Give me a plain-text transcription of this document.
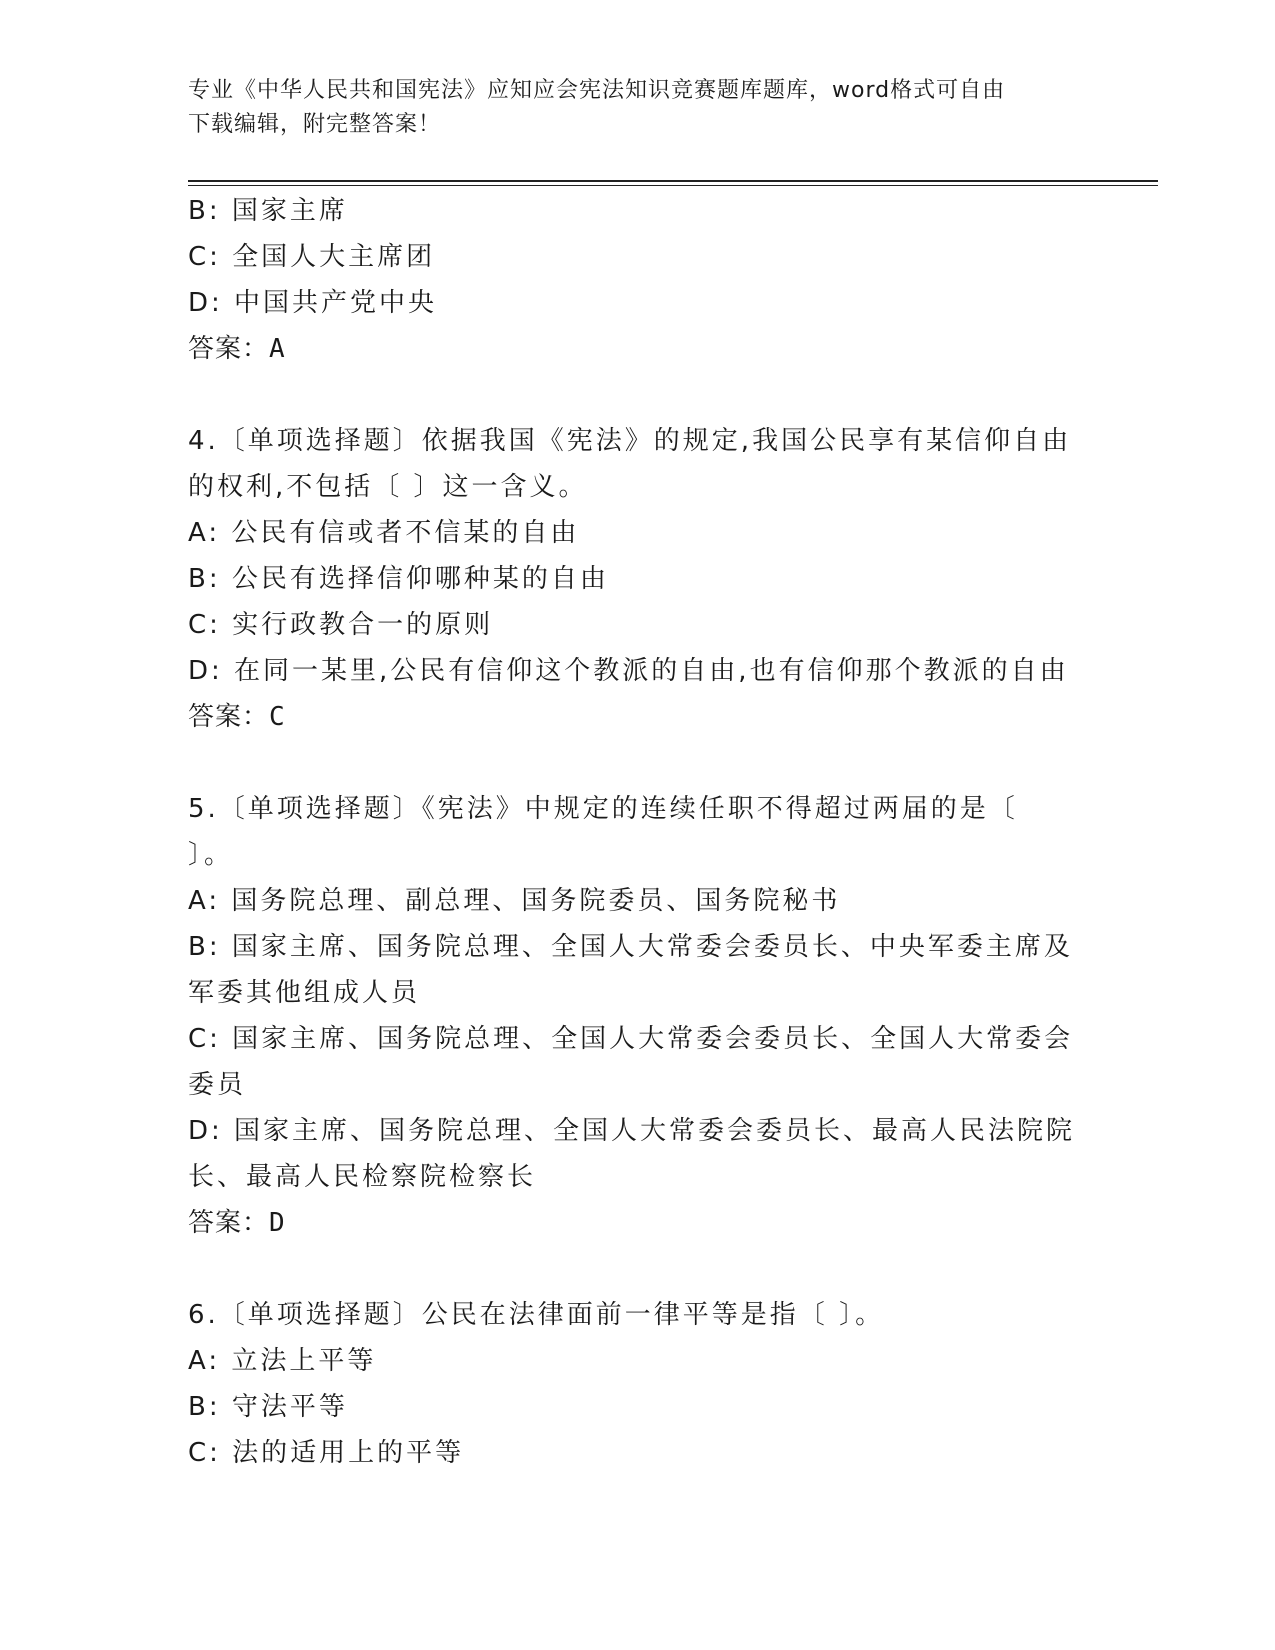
专业《中华人民共和国宪法》应知应会宪法知识竞赛题库题库，word格式可自由
下载编辑，附完整答案！
B: 国家主席
C: 全国人大主席团
D: 中国共产党中央
答案：A
4.〔单项选择题〕依据我国《宪法》的规定,我国公民享有某信仰自由
的权利,不包括〔 〕这一含义。
A: 公民有信或者不信某的自由
B: 公民有选择信仰哪种某的自由
C: 实行政教合一的原则
D: 在同一某里,公民有信仰这个教派的自由,也有信仰那个教派的自由
答案：C
5.〔单项选择题〕《宪法》中规定的连续任职不得超过两届的是〔
〕。
A: 国务院总理、副总理、国务院委员、国务院秘书
B: 国家主席、国务院总理、全国人大常委会委员长、中央军委主席及
军委其他组成人员
C: 国家主席、国务院总理、全国人大常委会委员长、全国人大常委会
委员
D: 国家主席、国务院总理、全国人大常委会委员长、最高人民法院院
长、最高人民检察院检察长
答案：D
6.〔单项选择题〕公民在法律面前一律平等是指〔 〕。
A: 立法上平等
B: 守法平等
C: 法的适用上的平等
